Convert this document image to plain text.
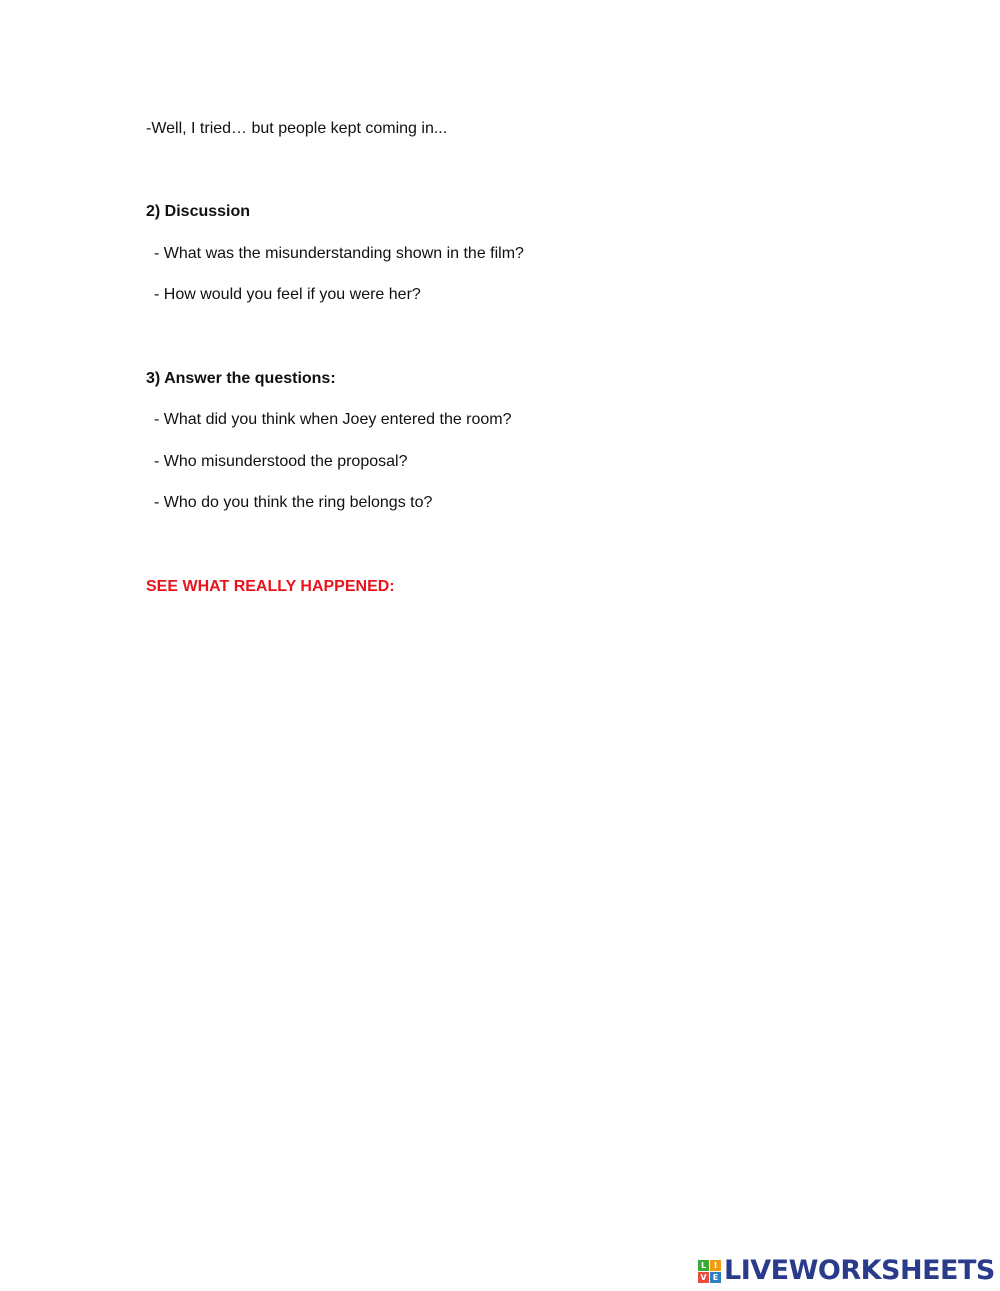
-Well, I tried… but people kept coming in...
2) Discussion
- What was the misunderstanding shown in the film?
- How would you feel if you were her?
3) Answer the questions:
- What did you think when Joey entered the room?
- Who misunderstood the proposal?
- Who do you think the ring belongs to?
SEE WHAT REALLY HAPPENED:
L I
V E LIVEWORKSHEETS
